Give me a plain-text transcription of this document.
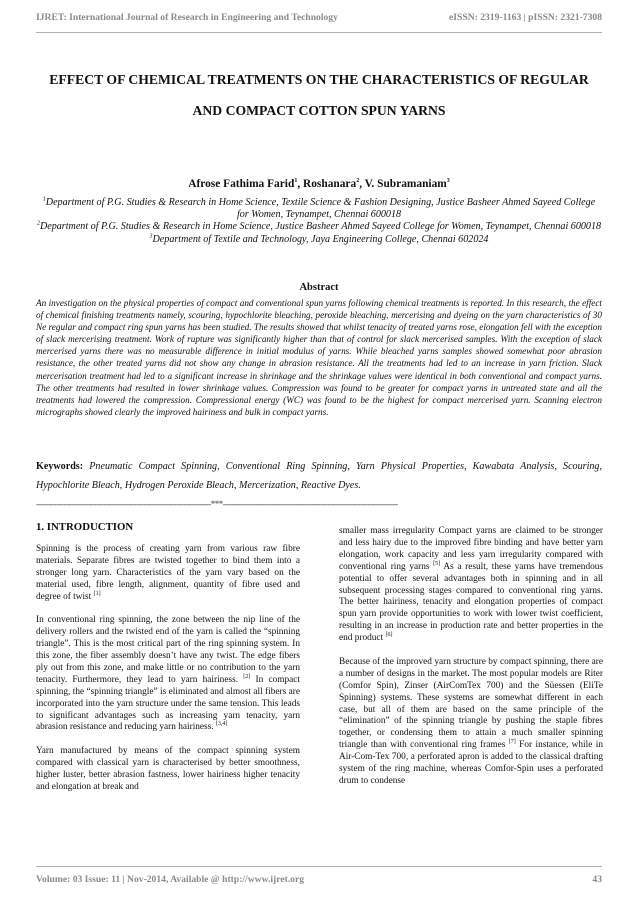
IJRET: International Journal of Research in Engineering and Technology	eISSN: 2319-1163 | pISSN: 2321-7308
EFFECT OF CHEMICAL TREATMENTS ON THE CHARACTERISTICS OF REGULAR AND COMPACT COTTON SPUN YARNS
Afrose Fathima Farid$^1$, Roshanara$^2$, V. Subramaniam$^3$

$^1$Department of P.G. Studies & Research in Home Science, Textile Science & Fashion Designing, Justice Basheer Ahmed Sayeed College for Women, Teynampet, Chennai 600018

$^2$Department of P.G. Studies & Research in Home Science, Justice Basheer Ahmed Sayeed College for Women, Teynampet, Chennai 600018

$^3$Department of Textile and Technology, Jaya Engineering College, Chennai 602024

Abstract

An investigation on the physical properties of compact and conventional spun yarns following chemical treatments is reported. In this research, the effect of chemical finishing treatments namely, scouring, hypochlorite bleaching, peroxide bleaching, mercerising and dyeing on the yarn characteristics of 30 Ne regular and compact ring spun yarns has been studied. The results showed that whilst tenacity of treated yarns rose, elongation fell with the exception of slack mercerising treatment. Work of rupture was significantly higher than that of control for slack mercerised samples. With the exception of slack mercerised yarns there was no measurable difference in initial modulus of yarns. While bleached yarns samples showed somewhat poor abrasion resistance, the other treated yarns did not show any change in abrasion resistance. All the treatments had led to an increase in yarn friction. Slack mercerisation treatment had led to a significant increase in shrinkage and the shrinkage values were identical in both conventional and compact yarns. The other treatments had resulted in lower shrinkage values. Compression was found to be greater for compact yarns in untreated state and all the treatments had lowered the compression. Compressional energy (WC) was found to be the highest for compact mercerised yarn. Scanning electron micrographs showed clearly the improved hairiness and bulk in compact yarns.

Keywords: Pneumatic Compact Spinning, Conventional Ring Spinning, Yarn Physical Properties, Kawabata Analysis, Scouring, Hypochlorite Bleach, Hydrogen Peroxide Bleach, Mercerization, Reactive Dyes.

----------------------------------------------------------------------***----------------------------------------------------------------------
1. INTRODUCTION

Spinning is the process of creating yarn from various raw fibre materials. Separate fibres are twisted together to bind them into a stronger long yarn. Characteristics of the yarn vary based on the material used, fibre length, alignment, quantity of fibre used and degree of twist [1]

In conventional ring spinning, the zone between the nip line of the delivery rollers and the twisted end of the yarn is called the “spinning triangle”. This is the most critical part of the ring spinning system. In this zone, the fiber assembly doesn’t have any twist. The edge fibers ply out from this zone, and make little or no contribution to the yarn tenacity. Furthermore, they lead to yarn hairiness. [2] In compact spinning, the “spinning triangle” is eliminated and almost all fibers are incorporated into the yarn structure under the same tension. This leads to significant advantages such as increasing yarn tenacity, yarn abrasion resistance and reducing yarn hairiness. [3,4]

Yarn manufactured by means of the compact spinning system compared with classical yarn is characterised by better smoothness, higher luster, better abrasion fastness, lower hairiness higher tenacity and elongation at break and

smaller mass irregularity Compact yarns are claimed to be stronger and less hairy due to the improved fibre binding and have better yarn elongation, work capacity and less yarn irregularity compared with conventional ring yarns [5] As a result, these yarns have tremendous potential to offer several advantages both in spinning and in all subsequent processing stages compared to conventional ring yarns. The better hairiness, tenacity and elongation properties of compact spun yarn provide opportunities to work with lower twist coefficient, resulting in an increase in production rate and better properties in the end product [6]

Because of the improved yarn structure by compact spinning, there are a number of designs in the market. The most popular models are Riter (Comfor Spin), Zinser (AirComTex 700) and the Süessen (EliTe Spinning) systems. These systems are somewhat different in each case, but all of them are based on the same principle of the “elimination” of the spinning triangle by pushing the staple fibres together, or condensing them to attain a much smaller spinning triangle than with conventional ring frames [7] For instance, while in Air-Com-Tex 700, a perforated apron is added to the classical drafting system of the ring machine, whereas Comfor-Spin uses a perforated drum to condense

Volume: 03 Issue: 11 | Nov-2014, Available @ http://www.ijret.org	43
